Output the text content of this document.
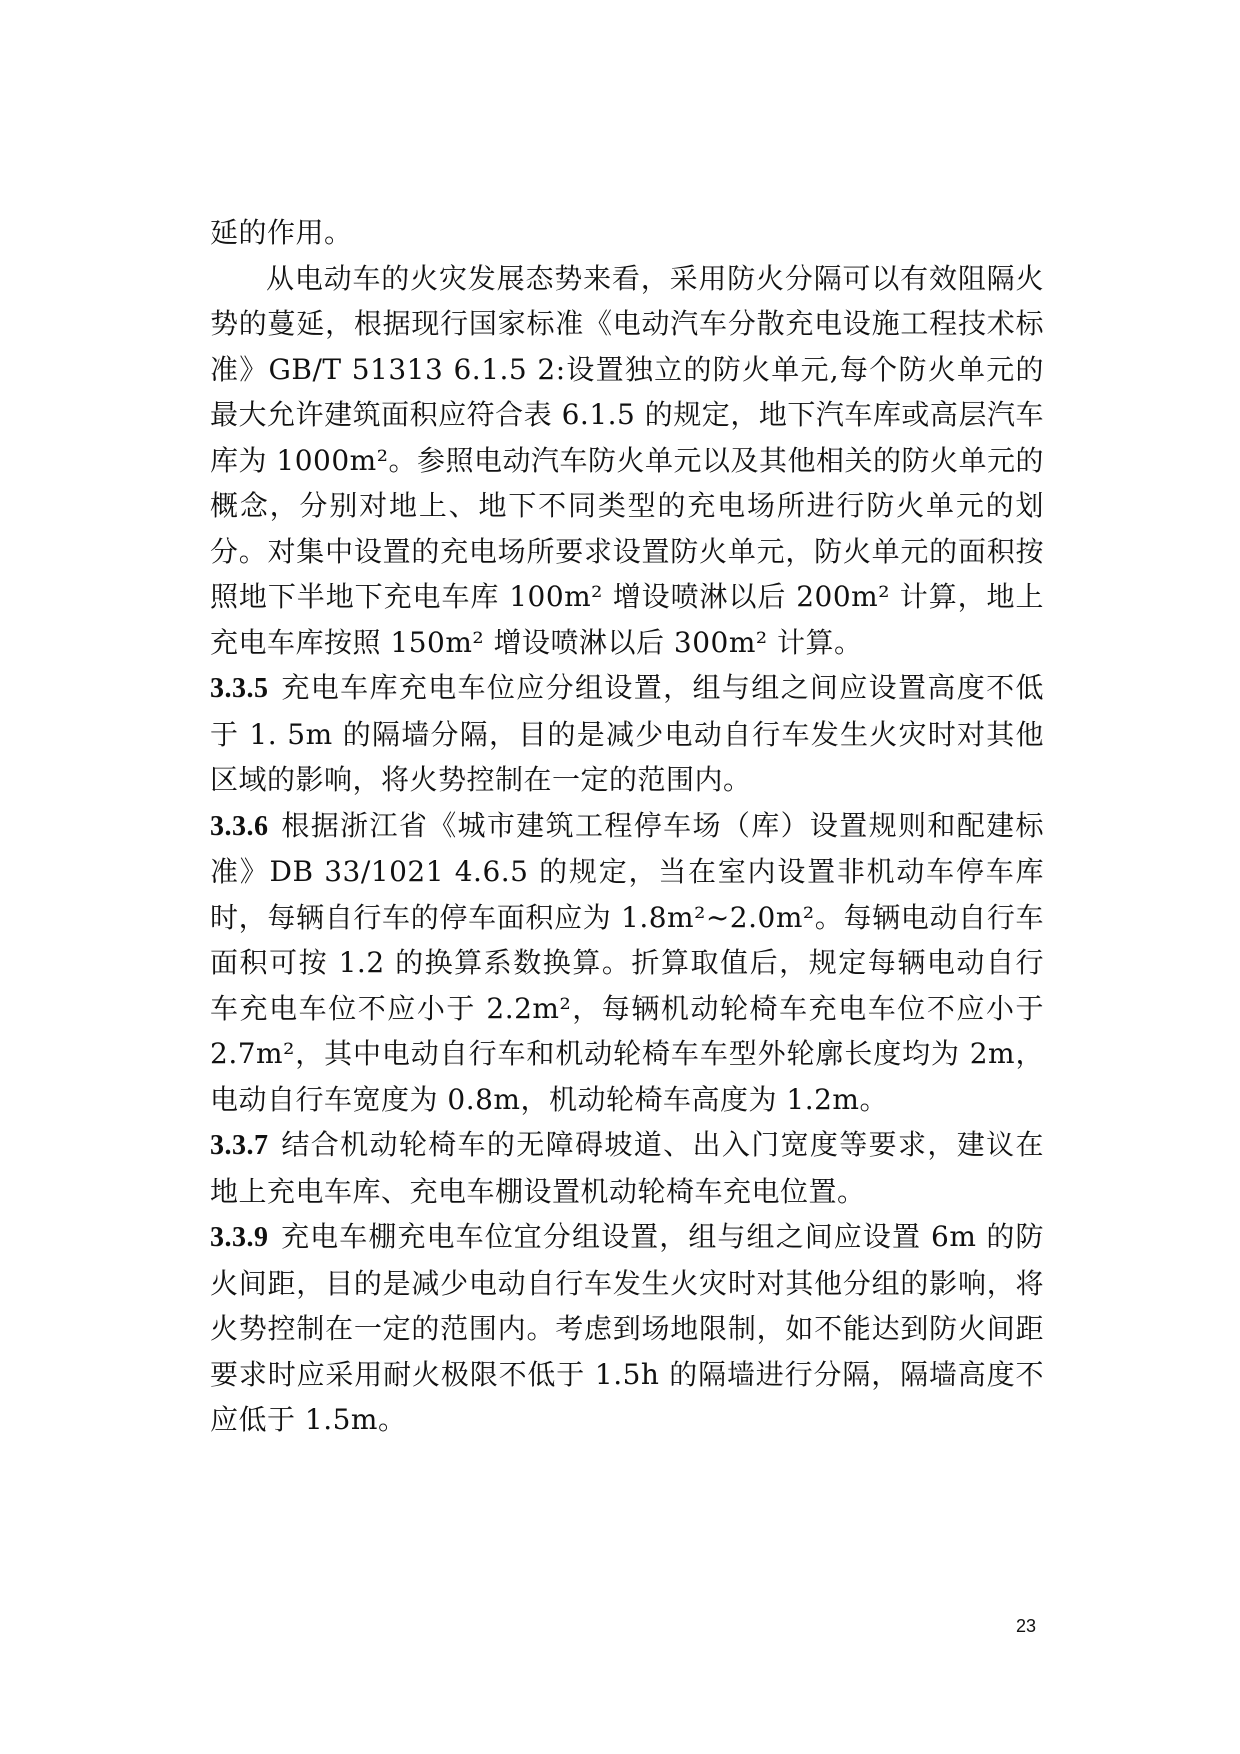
延的作用。

从电动车的火灾发展态势来看，采用防火分隔可以有效阻隔火势的蔓延，根据现行国家标准《电动汽车分散充电设施工程技术标准》GB/T 51313 6.1.5 2:设置独立的防火单元,每个防火单元的最大允许建筑面积应符合表 6.1.5 的规定，地下汽车库或高层汽车库为 1000m²。参照电动汽车防火单元以及其他相关的防火单元的概念，分别对地上、地下不同类型的充电场所进行防火单元的划分。对集中设置的充电场所要求设置防火单元，防火单元的面积按照地下半地下充电车库 100m² 增设喷淋以后 200m² 计算，地上充电车库按照 150m² 增设喷淋以后 300m² 计算。

3.3.5 充电车库充电车位应分组设置，组与组之间应设置高度不低于 1. 5m 的隔墙分隔，目的是减少电动自行车发生火灾时对其他区域的影响，将火势控制在一定的范围内。

3.3.6 根据浙江省《城市建筑工程停车场（库）设置规则和配建标准》DB 33/1021 4.6.5 的规定，当在室内设置非机动车停车库时，每辆自行车的停车面积应为 1.8m²~2.0m²。每辆电动自行车面积可按 1.2 的换算系数换算。折算取值后，规定每辆电动自行车充电车位不应小于 2.2m²，每辆机动轮椅车充电车位不应小于 2.7m²，其中电动自行车和机动轮椅车车型外轮廓长度均为 2m，电动自行车宽度为 0.8m，机动轮椅车高度为 1.2m。

3.3.7 结合机动轮椅车的无障碍坡道、出入门宽度等要求，建议在地上充电车库、充电车棚设置机动轮椅车充电位置。

3.3.9 充电车棚充电车位宜分组设置，组与组之间应设置 6m 的防火间距，目的是减少电动自行车发生火灾时对其他分组的影响，将火势控制在一定的范围内。考虑到场地限制，如不能达到防火间距要求时应采用耐火极限不低于 1.5h 的隔墙进行分隔，隔墙高度不应低于 1.5m。

23
